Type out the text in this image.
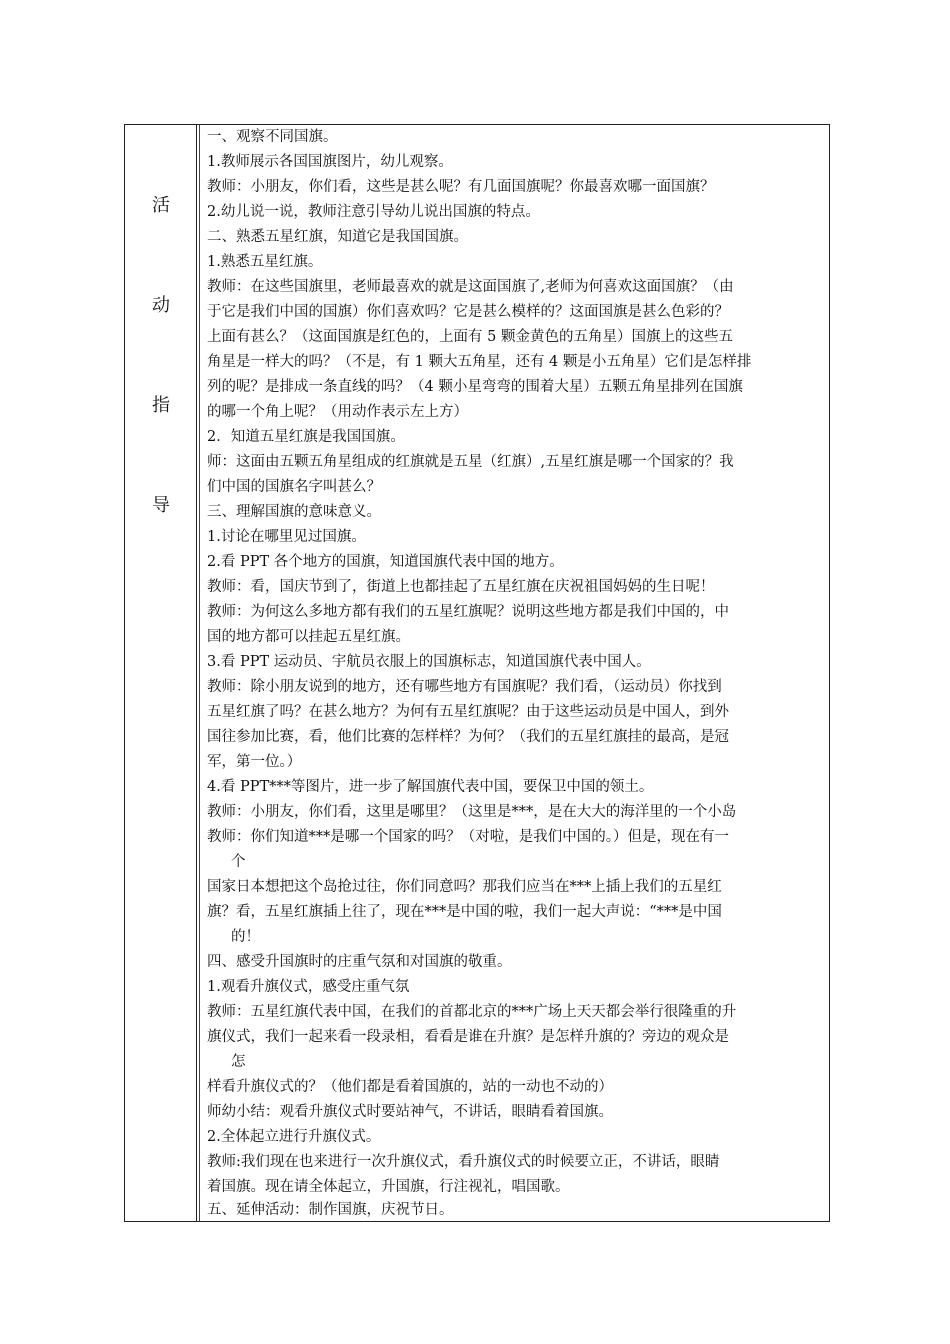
活
动
指
导
一、观察不同国旗。
1.教师展示各国国旗图片，幼儿观察。
教师：小朋友，你们看，这些是甚么呢？有几面国旗呢？你最喜欢哪一面国旗？
2.幼儿说一说，教师注意引导幼儿说出国旗的特点。
二、熟悉五星红旗，知道它是我国国旗。
1.熟悉五星红旗。
教师：在这些国旗里，老师最喜欢的就是这面国旗了,老师为何喜欢这面国旗？（由
于它是我们中国的国旗）你们喜欢吗？它是甚么模样的？这面国旗是甚么色彩的？
上面有甚么？（这面国旗是红色的，上面有 5 颗金黄色的五角星）国旗上的这些五
角星是一样大的吗？（不是，有 1 颗大五角星，还有 4 颗是小五角星）它们是怎样排
列的呢？是排成一条直线的吗？（4 颗小星弯弯的围着大星）五颗五角星排列在国旗
的哪一个角上呢？（用动作表示左上方）
2．知道五星红旗是我国国旗。
师：这面由五颗五角星组成的红旗就是五星（红旗）,五星红旗是哪一个国家的？我
们中国的国旗名字叫甚么？
三、理解国旗的意味意义。
1.讨论在哪里见过国旗。
2.看 PPT 各个地方的国旗，知道国旗代表中国的地方。
教师：看，国庆节到了，街道上也都挂起了五星红旗在庆祝祖国妈妈的生日呢！
教师：为何这么多地方都有我们的五星红旗呢？说明这些地方都是我们中国的，中
国的地方都可以挂起五星红旗。
3.看 PPT 运动员、宇航员衣服上的国旗标志，知道国旗代表中国人。
教师：除小朋友说到的地方，还有哪些地方有国旗呢？我们看，（运动员）你找到
五星红旗了吗？在甚么地方？为何有五星红旗呢？由于这些运动员是中国人，到外
国往参加比赛，看，他们比赛的怎样样？为何？（我们的五星红旗挂的最高，是冠
军，第一位。）
4.看 PPT***等图片，进一步了解国旗代表中国，要保卫中国的领土。
教师：小朋友，你们看，这里是哪里？（这里是***，是在大大的海洋里的一个小岛
教师：你们知道***是哪一个国家的吗？（对啦，是我们中国的。）但是，现在有一
个
国家日本想把这个岛抢过往，你们同意吗？那我们应当在***上插上我们的五星红
旗？看，五星红旗插上往了，现在***是中国的啦，我们一起大声说：“***是中国
的！
四、感受升国旗时的庄重气氛和对国旗的敬重。
1.观看升旗仪式，感受庄重气氛
教师：五星红旗代表中国，在我们的首都北京的***广场上天天都会举行很隆重的升
旗仪式，我们一起来看一段录相，看看是谁在升旗？是怎样升旗的？旁边的观众是
怎
样看升旗仪式的？（他们都是看着国旗的，站的一动也不动的）
师幼小结：观看升旗仪式时要站神气，不讲话，眼睛看着国旗。
2.全体起立进行升旗仪式。
教师:我们现在也来进行一次升旗仪式，看升旗仪式的时候要立正，不讲话，眼睛
着国旗。现在请全体起立，升国旗，行注视礼，唱国歌。
五、延伸活动：制作国旗，庆祝节日。
